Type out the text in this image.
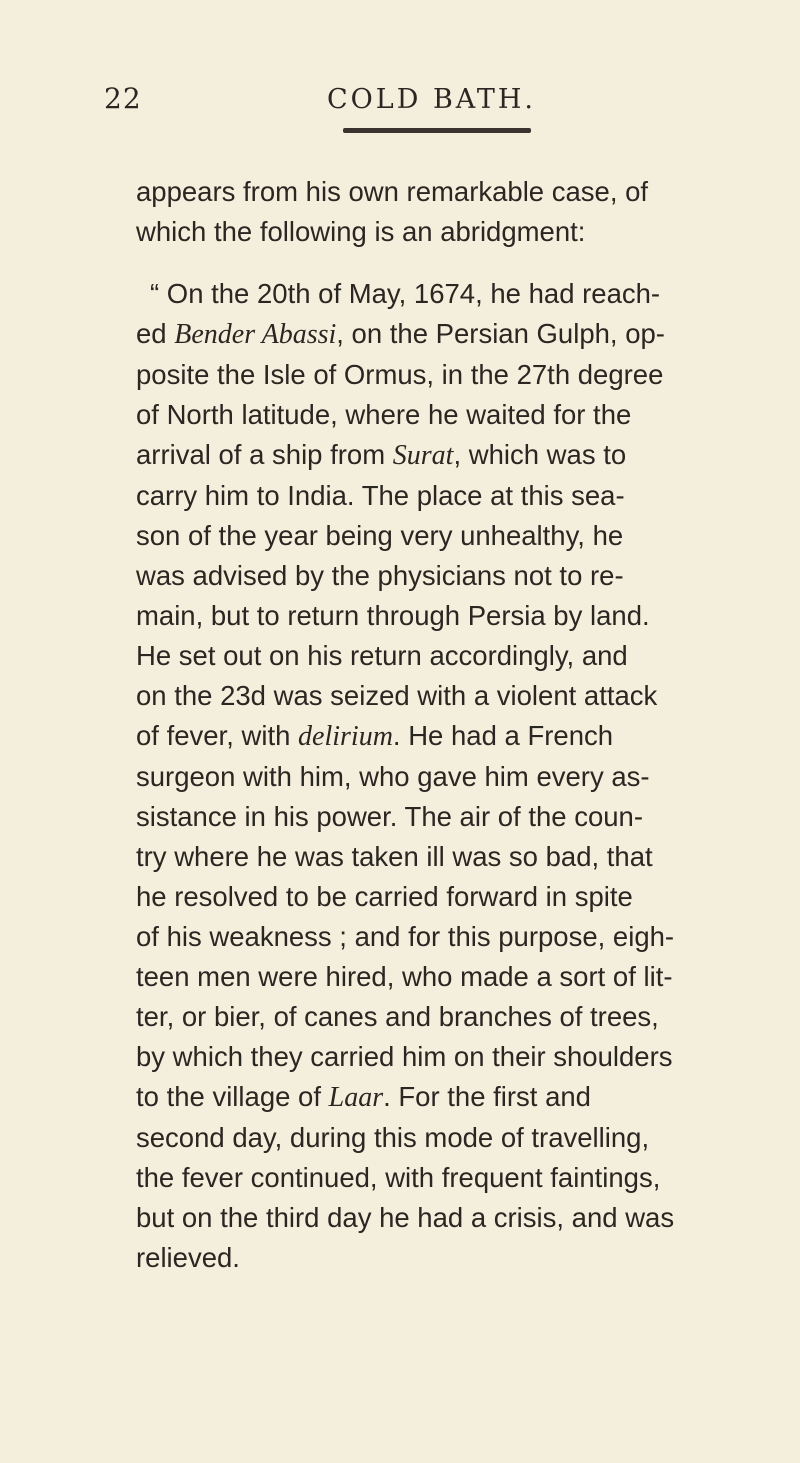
22	COLD BATH.
appears from his own remarkable case, of
which the following is an abridgment:
“ On the 20th of May, 1674, he had reach-
ed Bender Abassi, on the Persian Gulph, op-
posite the Isle of Ormus, in the 27th degree
of North latitude, where he waited for the
arrival of a ship from Surat, which was to
carry him to India. The place at this sea-
son of the year being very unhealthy, he
was advised by the physicians not to re-
main, but to return through Persia by land.
He set out on his return accordingly, and
on the 23d was seized with a violent attack
of fever, with delirium. He had a French
surgeon with him, who gave him every as-
sistance in his power. The air of the coun-
try where he was taken ill was so bad, that
he resolved to be carried forward in spite
of his weakness ; and for this purpose, eigh-
teen men were hired, who made a sort of lit-
ter, or bier, of canes and branches of trees,
by which they carried him on their shoulders
to the village of Laar. For the first and
second day, during this mode of travelling,
the fever continued, with frequent faintings,
but on the third day he had a crisis, and was
relieved.
